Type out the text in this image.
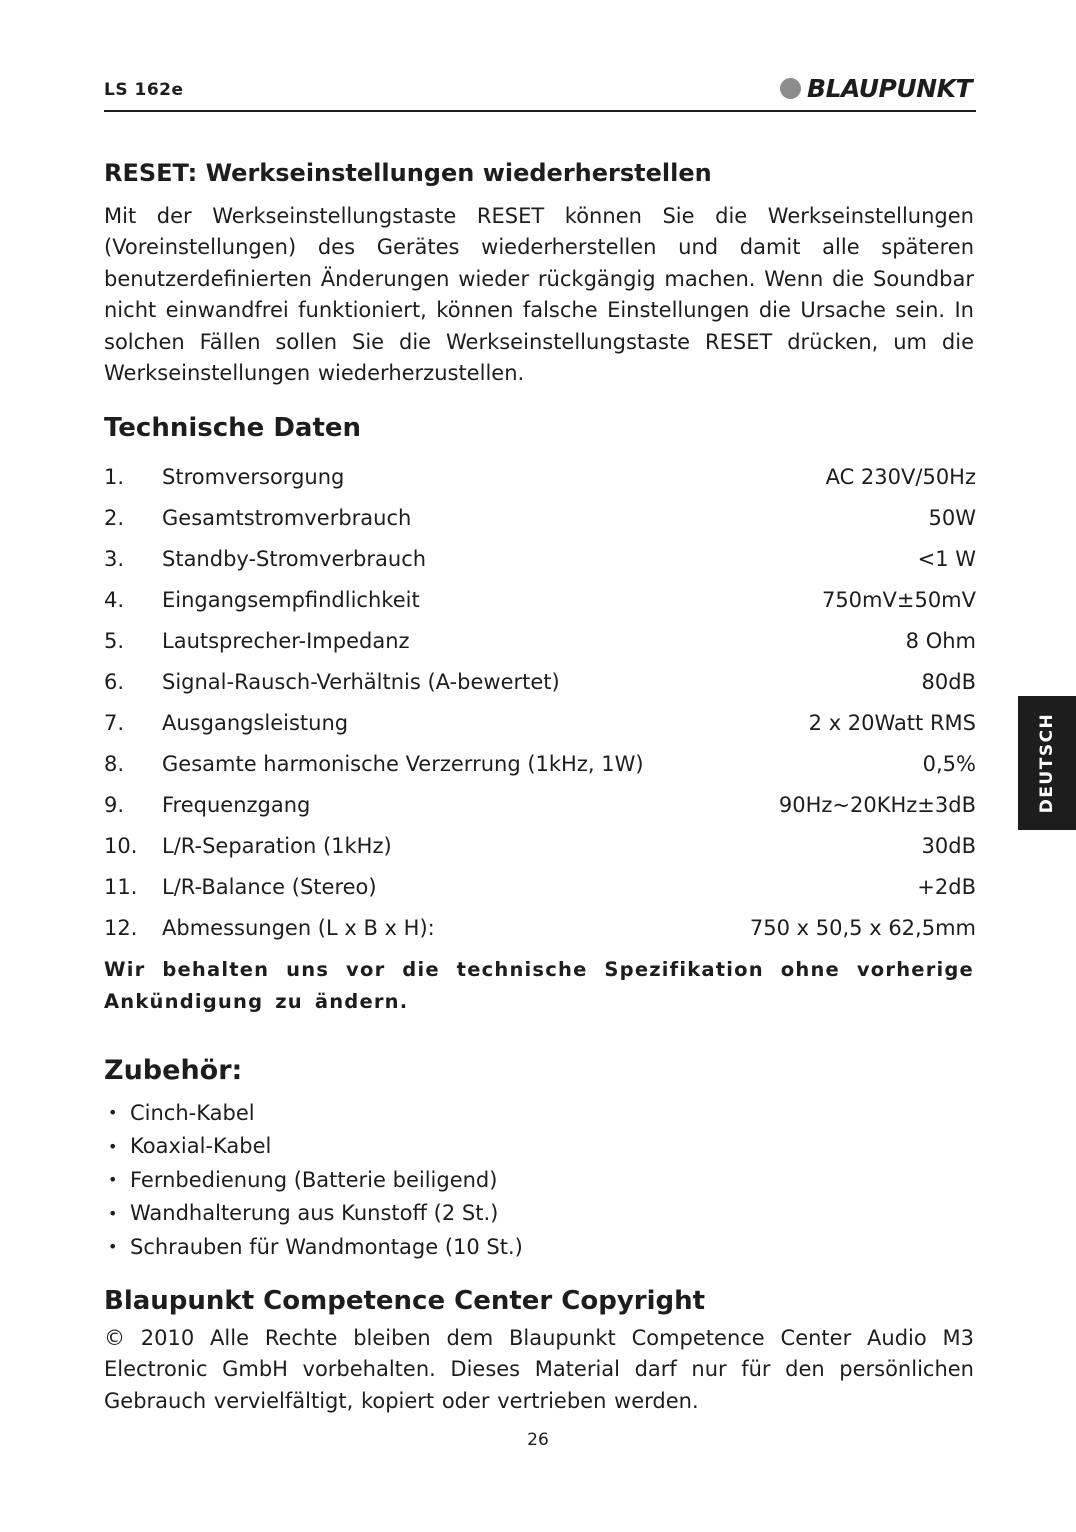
LS 162e	BLAUPUNKT
RESET: Werkseinstellungen wiederherstellen

Mit der Werkseinstellungstaste RESET können Sie die Werkseinstellungen (Voreinstellungen) des Gerätes wiederherstellen und damit alle späteren benutzerdefinierten Änderungen wieder rückgängig machen. Wenn die Soundbar nicht einwandfrei funktioniert, können falsche Einstellungen die Ursache sein. In solchen Fällen sollen Sie die Werkseinstellungstaste RESET drücken, um die Werkseinstellungen wiederherzustellen.

Technische Daten
1. Stromversorgung	AC 230V/50Hz
2. Gesamtstromverbrauch	50W
3. Standby-Stromverbrauch	<1 W
4. Eingangsempfindlichkeit	750mV±50mV
5. Lautsprecher-Impedanz	8 Ohm
6. Signal-Rausch-Verhältnis (A-bewertet)	80dB
7. Ausgangsleistung	2 x 20Watt RMS
8. Gesamte harmonische Verzerrung (1kHz, 1W)	0,5%
9. Frequenzgang	90Hz~20KHz±3dB
10. L/R-Separation (1kHz)	30dB
11. L/R-Balance (Stereo)	+2dB
12. Abmessungen (L x B x H):	750 x 50,5 x 62,5mm

Wir behalten uns vor die technische Spezifikation ohne vorherige Ankündigung zu ändern.

Zubehör:
• Cinch-Kabel
• Koaxial-Kabel
• Fernbedienung (Batterie beiligend)
• Wandhalterung aus Kunstoff (2 St.)
• Schrauben für Wandmontage (10 St.)
Blaupunkt Competence Center Copyright

© 2010 Alle Rechte bleiben dem Blaupunkt Competence Center Audio M3 Electronic GmbH vorbehalten. Dieses Material darf nur für den persönlichen Gebrauch vervielfältigt, kopiert oder vertrieben werden.

26
DEUTSCH
